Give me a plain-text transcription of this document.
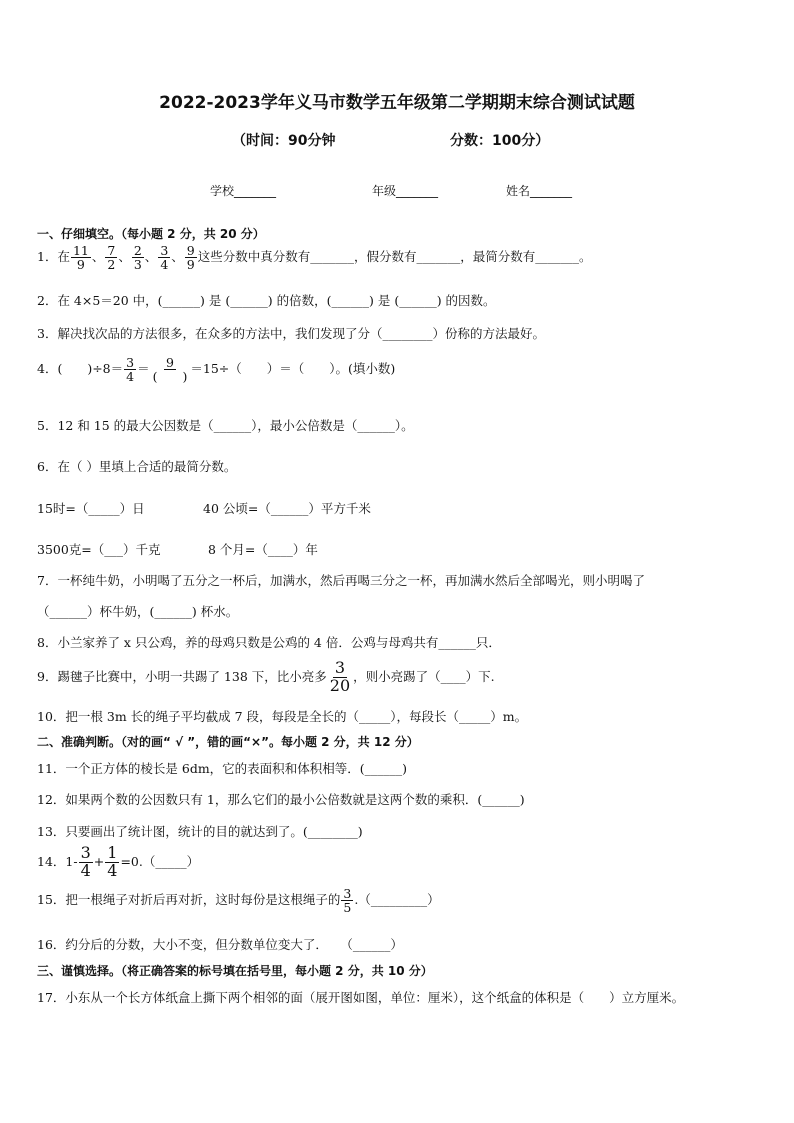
2022-2023学年义马市数学五年级第二学期期末综合测试试题
（时间：90分钟	分数：100分）
学校_______	年级_______	姓名_______
一、仔细填空。（每小题 2 分，共 20 分）
1．在 $\frac{11}{9}$ 、 $\frac{7}{2}$ 、 $\frac{2}{3}$ 、 $\frac{3}{4}$ 、 $\frac{9}{9}$ 这些分数中真分数有_______，假分数有_______，最简分数有_______。
2．在 4×5＝20 中，(______) 是 (______) 的倍数，(______) 是 (______) 的因数。
3．解决找次品的方法很多，在众多的方法中，我们发现了分（________）份称的方法最好。
4．(　　)$\div 8= \frac{3}{4} = \frac{9}{( )} =15\div$（　　）＝（　　）。(填小数)
5．12 和 15 的最大公因数是（______），最小公倍数是（______）。
6．在（ ）里填上合适的最简分数。
15时=（_____）日	40 公顷=（______）平方千米
3500克=（___）千克	8 个月=（____）年
7．一杯纯牛奶，小明喝了五分之一杯后，加满水，然后再喝三分之一杯，再加满水然后全部喝光，则小明喝了
（______）杯牛奶，(______) 杯水。
8．小兰家养了 x 只公鸡，养的母鸡只数是公鸡的 4 倍．公鸡与母鸡共有______只．
9．踢毽子比赛中，小明一共踢了 138 下，比小亮多 $\frac{3}{20}$ ，则小亮踢了（____）下.
10．把一根 3m 长的绳子平均截成 7 段，每段是全长的（_____），每段长（_____）m。
二、准确判断。（对的画“ √ ”，错的画“×”。每小题 2 分，共 12 分）
11．一个正方体的棱长是 6dm，它的表面积和体积相等．(______)
12．如果两个数的公因数只有 1，那么它们的最小公倍数就是这两个数的乘积．(______)
13．只要画出了统计图，统计的目的就达到了。(________)
14．$1- \frac{3}{4} + \frac{1}{4}$ =0.（_____）
15．把一根绳子对折后再对折，这时每份是这根绳子的 $\frac{3}{5}$ .（_________）
16．约分后的分数，大小不变，但分数单位变大了．　　（______）
三、谨慎选择。（将正确答案的标号填在括号里，每小题 2 分，共 10 分）
17．小东从一个长方体纸盒上撕下两个相邻的面（展开图如图，单位：厘米），这个纸盒的体积是（　　）立方厘米。
